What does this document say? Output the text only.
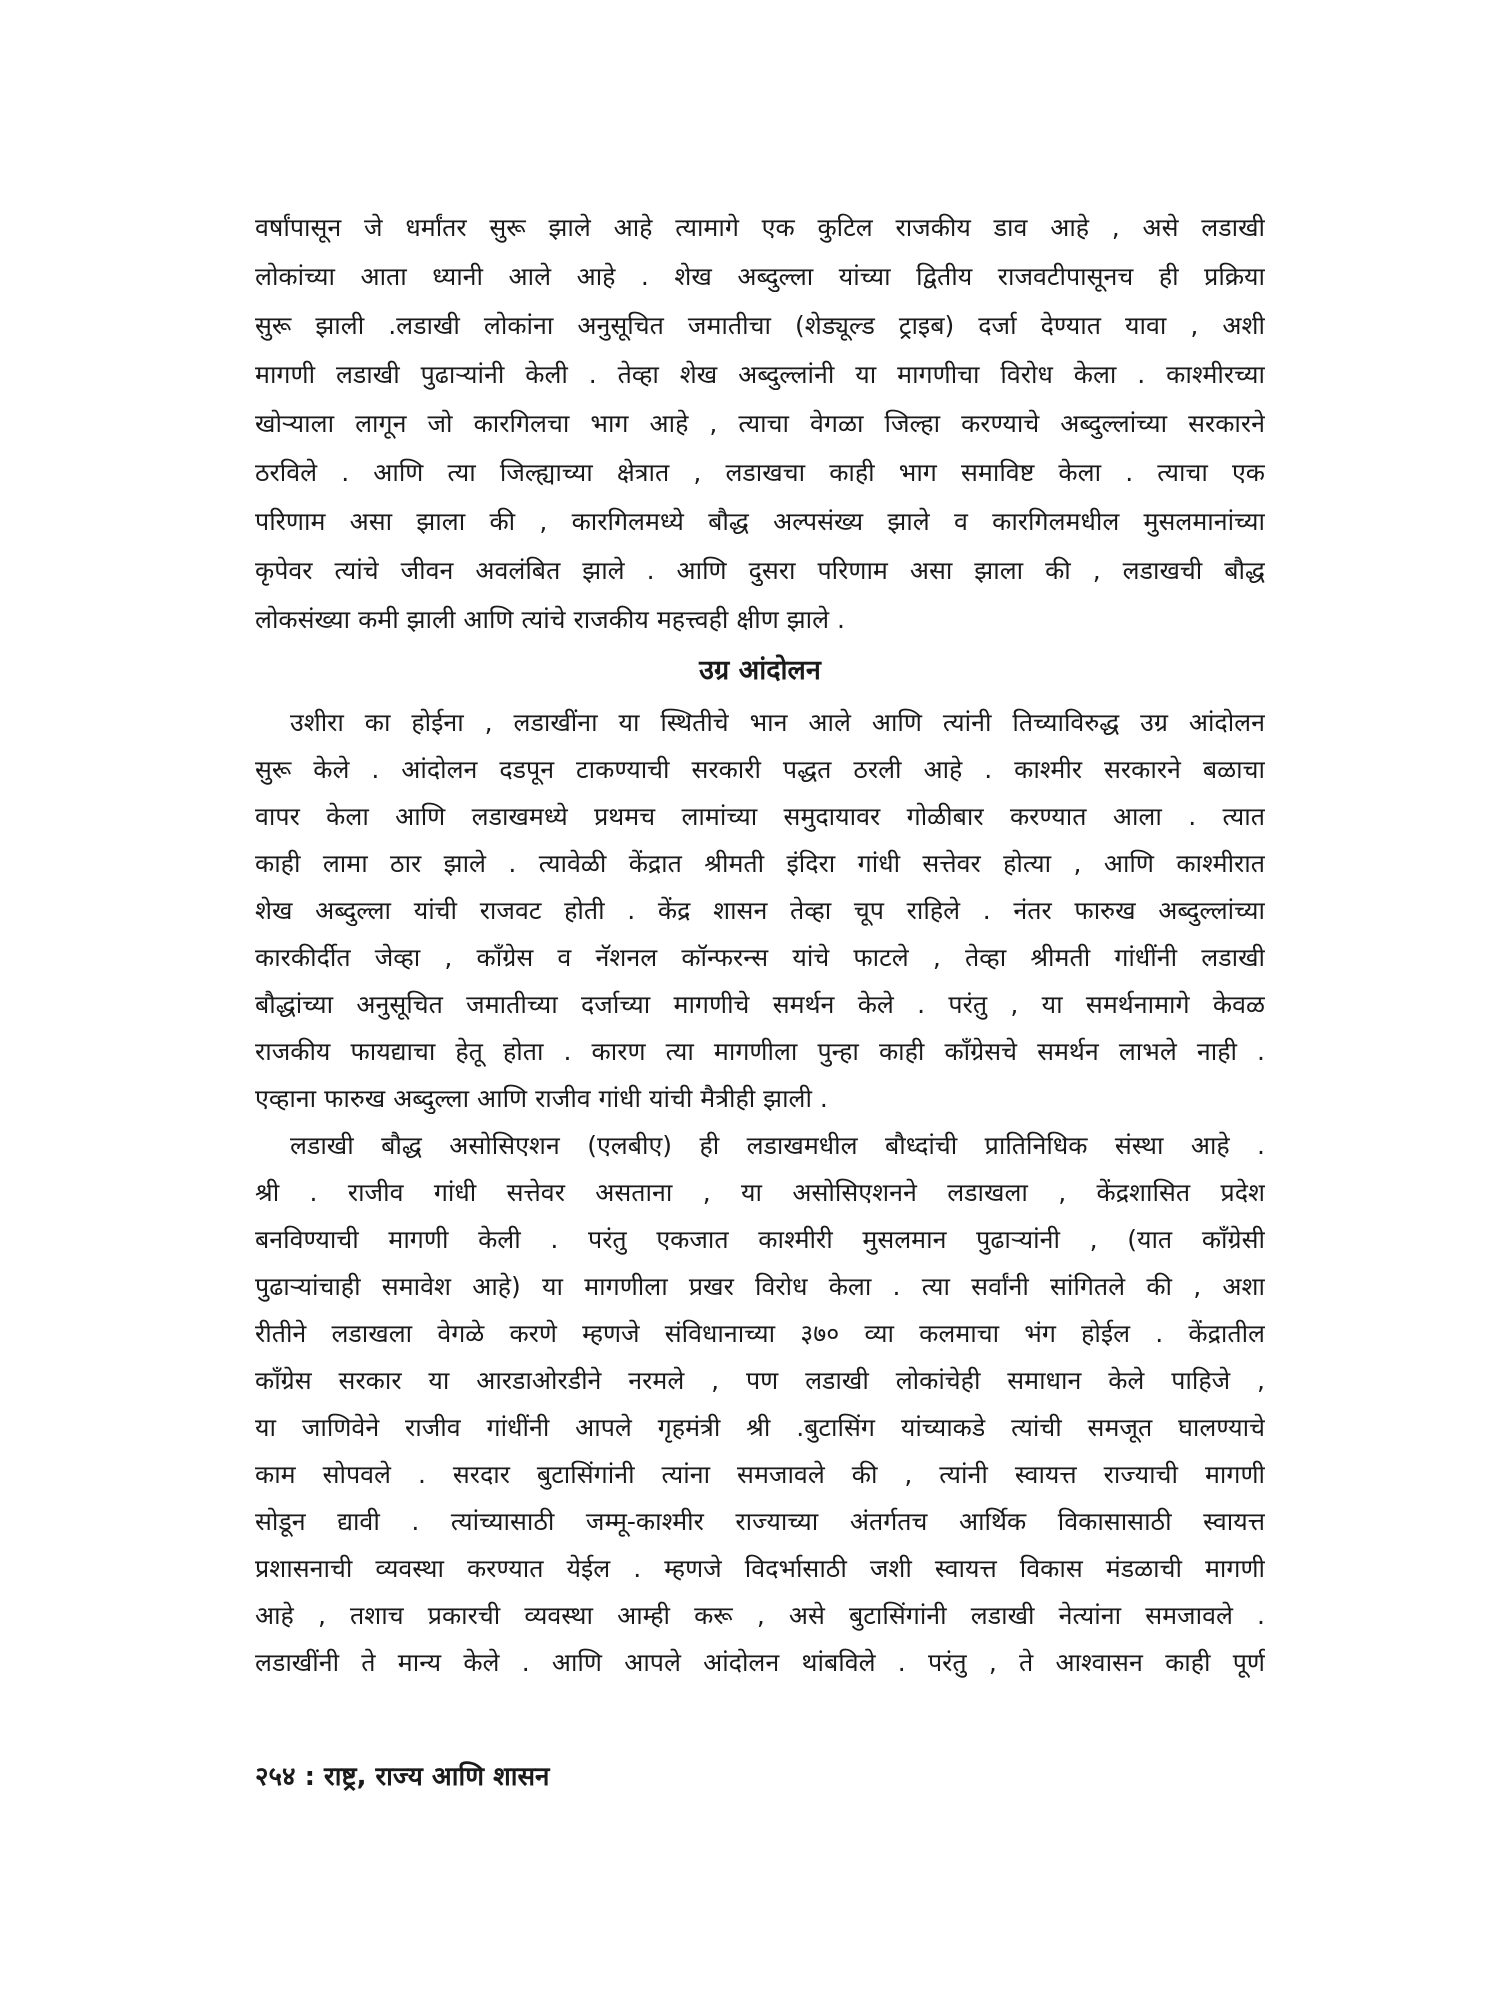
वर्षांपासून जे धर्मांतर सुरू झाले आहे त्यामागे एक कुटिल राजकीय डाव आहे , असे लडाखी
लोकांच्या आता ध्यानी आले आहे . शेख अब्दुल्ला यांच्या द्वितीय राजवटीपासूनच ही प्रक्रिया
सुरू झाली .लडाखी लोकांना अनुसूचित जमातीचा (शेड्यूल्ड ट्राइब) दर्जा देण्यात यावा , अशी
मागणी लडाखी पुढाऱ्यांनी केली . तेव्हा शेख अब्दुल्लांनी या मागणीचा विरोध केला . काश्मीरच्या
खोऱ्याला लागून जो कारगिलचा भाग आहे , त्याचा वेगळा जिल्हा करण्याचे अब्दुल्लांच्या सरकारने
ठरविले . आणि त्या जिल्ह्याच्या क्षेत्रात , लडाखचा काही भाग समाविष्ट केला . त्याचा एक
परिणाम असा झाला की , कारगिलमध्ये बौद्ध अल्पसंख्य झाले व कारगिलमधील मुसलमानांच्या
कृपेवर त्यांचे जीवन अवलंबित झाले . आणि दुसरा परिणाम असा झाला की , लडाखची बौद्ध
लोकसंख्या कमी झाली आणि त्यांचे राजकीय महत्त्वही क्षीण झाले .
उग्र आंदोलन
उशीरा का होईना , लडाखींना या स्थितीचे भान आले आणि त्यांनी तिच्याविरुद्ध उग्र आंदोलन
सुरू केले . आंदोलन दडपून टाकण्याची सरकारी पद्धत ठरली आहे . काश्मीर सरकारने बळाचा
वापर केला आणि लडाखमध्ये प्रथमच लामांच्या समुदायावर गोळीबार करण्यात आला . त्यात
काही लामा ठार झाले . त्यावेळी केंद्रात श्रीमती इंदिरा गांधी सत्तेवर होत्या , आणि काश्मीरात
शेख अब्दुल्ला यांची राजवट होती . केंद्र शासन तेव्हा चूप राहिले . नंतर फारुख अब्दुल्लांच्या
कारकीर्दीत जेव्हा , काँग्रेस व नॅशनल कॉन्फरन्स यांचे फाटले , तेव्हा श्रीमती गांधींनी लडाखी
बौद्धांच्या अनुसूचित जमातीच्या दर्जाच्या मागणीचे समर्थन केले . परंतु , या समर्थनामागे केवळ
राजकीय फायद्याचा हेतू होता . कारण त्या मागणीला पुन्हा काही काँग्रेसचे समर्थन लाभले नाही .
एव्हाना फारुख अब्दुल्ला आणि राजीव गांधी यांची मैत्रीही झाली .
लडाखी बौद्ध असोसिएशन (एलबीए) ही लडाखमधील बौध्दांची प्रातिनिधिक संस्था आहे .
श्री . राजीव गांधी सत्तेवर असताना , या असोसिएशनने लडाखला , केंद्रशासित प्रदेश
बनविण्याची मागणी केली . परंतु एकजात काश्मीरी मुसलमान पुढाऱ्यांनी , (यात काँग्रेसी
पुढाऱ्यांचाही समावेश आहे) या मागणीला प्रखर विरोध केला . त्या सर्वांनी सांगितले की , अशा
रीतीने लडाखला वेगळे करणे म्हणजे संविधानाच्या ३७० व्या कलमाचा भंग होईल . केंद्रातील
काँग्रेस सरकार या आरडाओरडीने नरमले , पण लडाखी लोकांचेही समाधान केले पाहिजे ,
या जाणिवेने राजीव गांधींनी आपले गृहमंत्री श्री .बुटासिंग यांच्याकडे त्यांची समजूत घालण्याचे
काम सोपवले . सरदार बुटासिंगांनी त्यांना समजावले की , त्यांनी स्वायत्त राज्याची मागणी
सोडून द्यावी . त्यांच्यासाठी जम्मू-काश्मीर राज्याच्या अंतर्गतच आर्थिक विकासासाठी स्वायत्त
प्रशासनाची व्यवस्था करण्यात येईल . म्हणजे विदर्भासाठी जशी स्वायत्त विकास मंडळाची मागणी
आहे , तशाच प्रकारची व्यवस्था आम्ही करू , असे बुटासिंगांनी लडाखी नेत्यांना समजावले .
लडाखींनी ते मान्य केले . आणि आपले आंदोलन थांबविले . परंतु , ते आश्वासन काही पूर्ण
२५४ : राष्ट्र, राज्य आणि शासन
